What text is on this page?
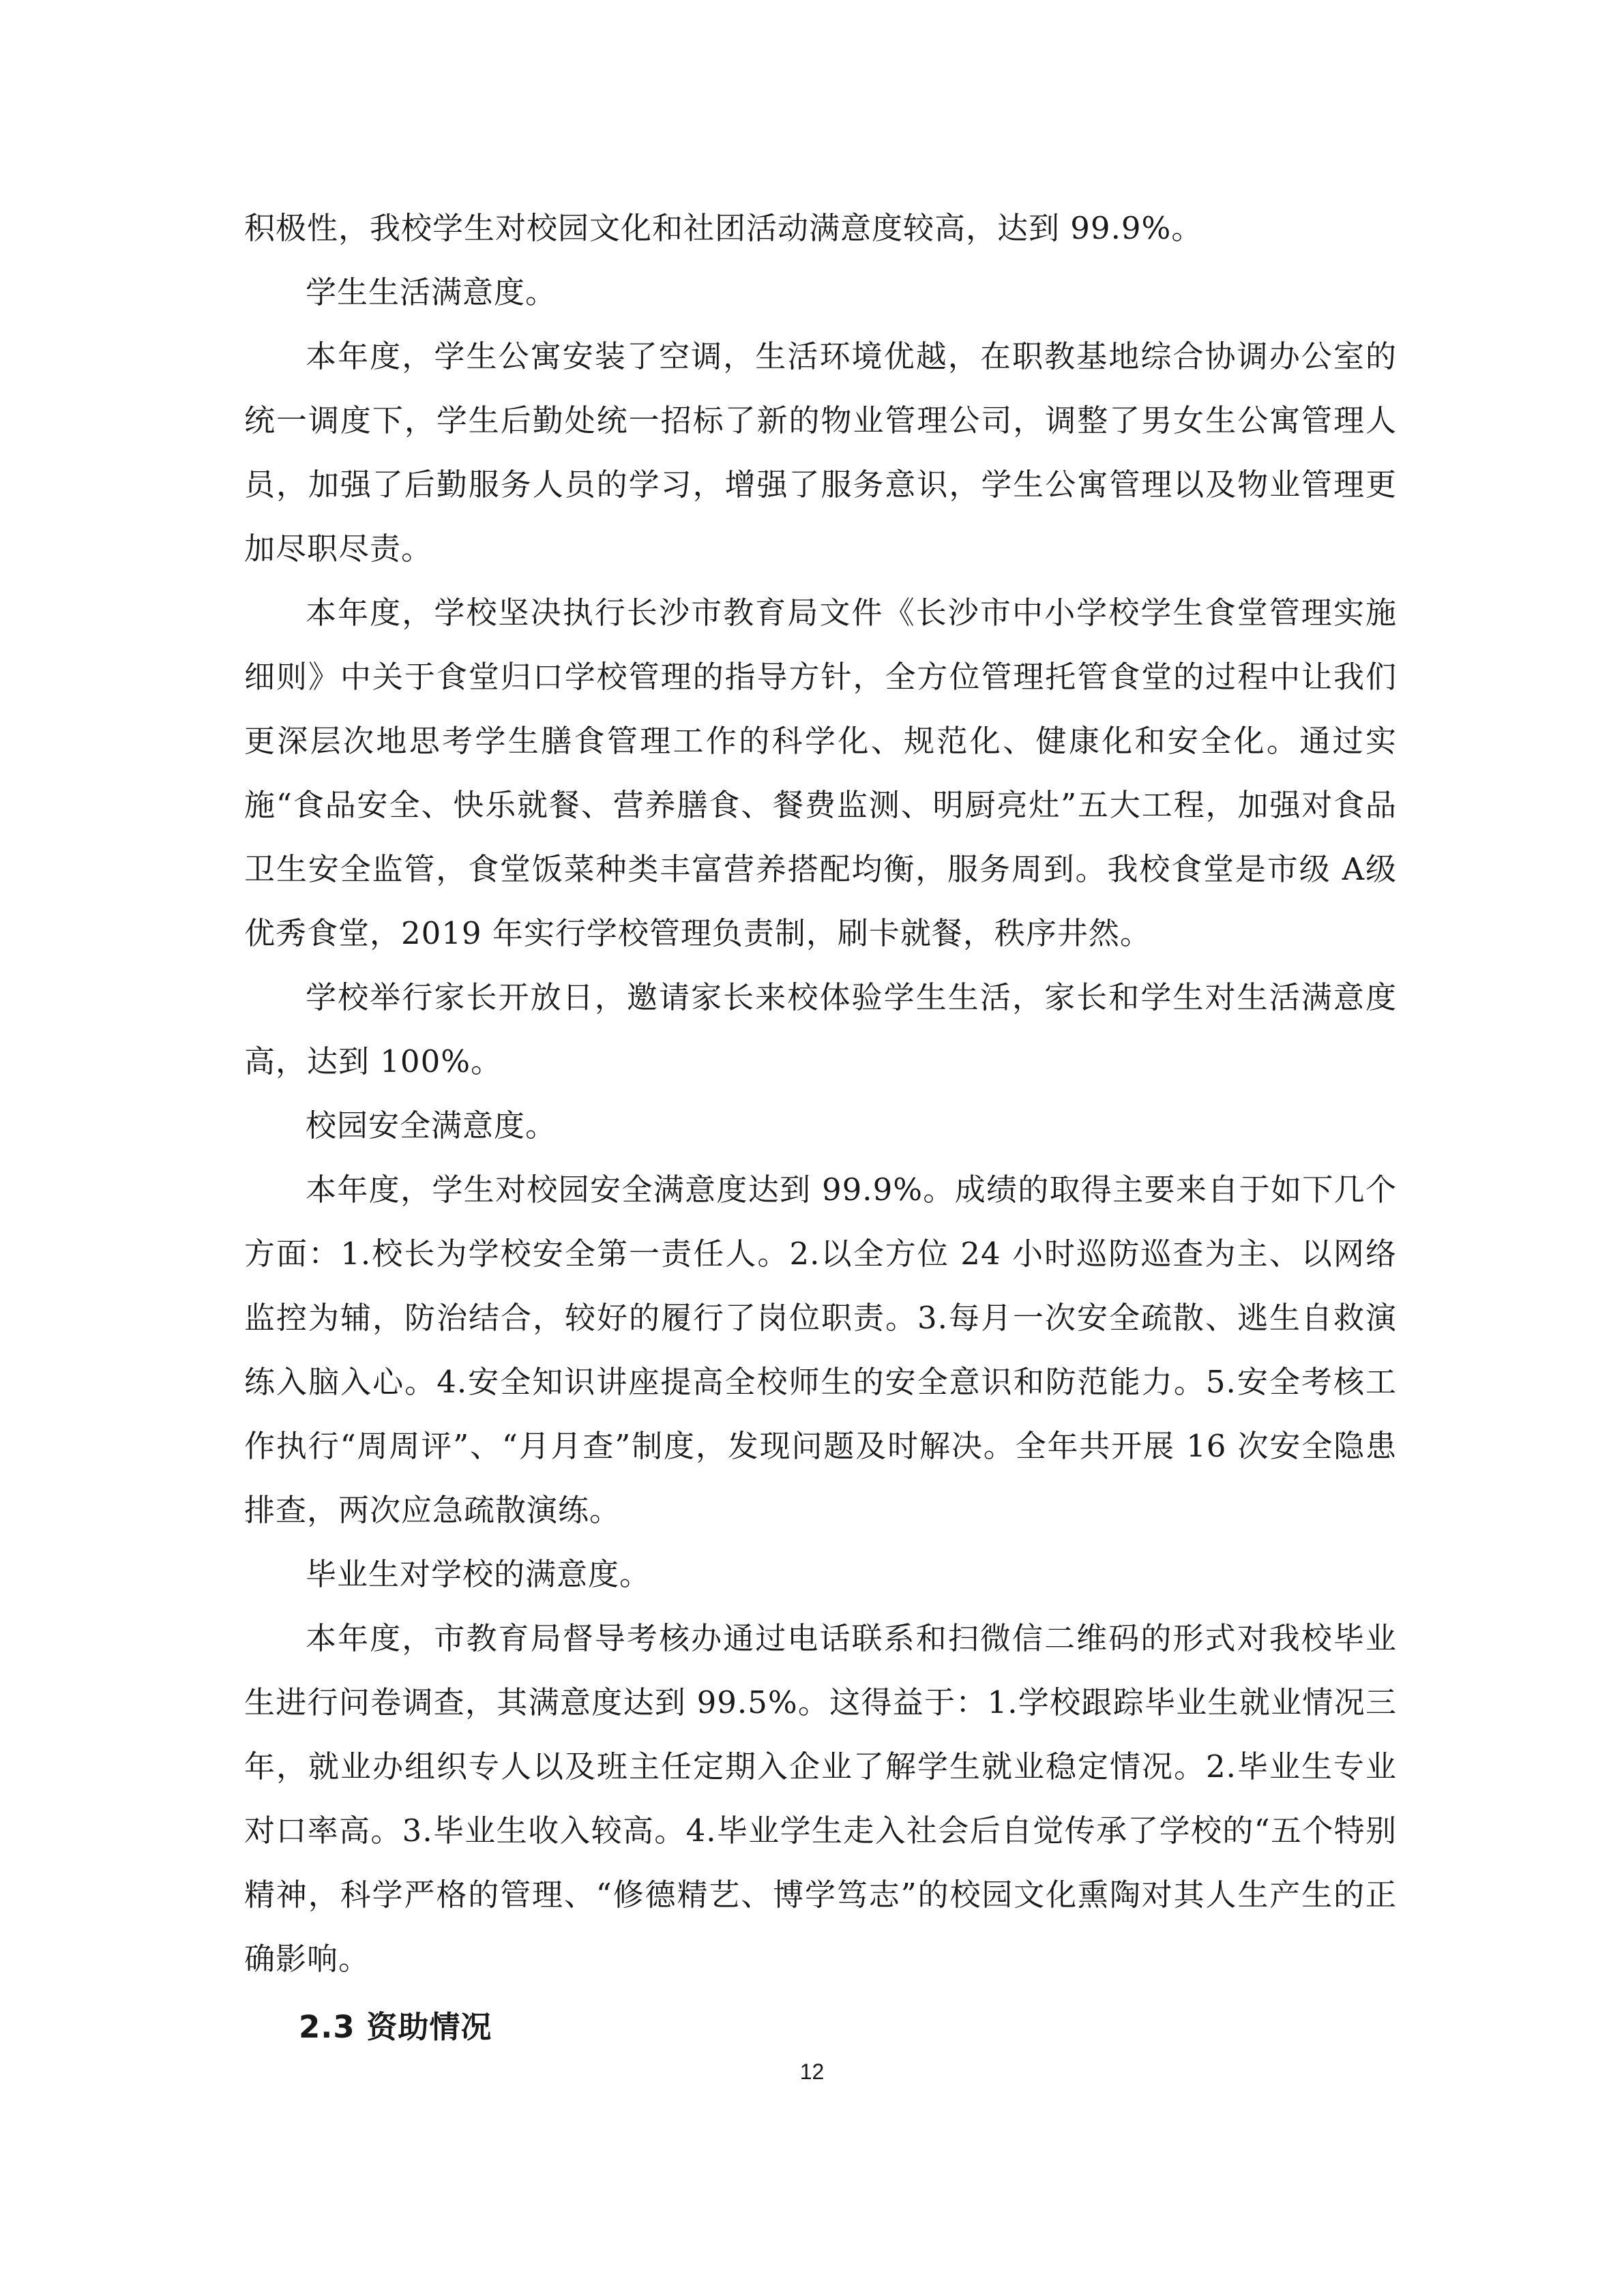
积极性，我校学生对校园文化和社团活动满意度较高，达到 99.9%。

学生生活满意度。

本年度，学生公寓安装了空调，生活环境优越，在职教基地综合协调办公室的统一调度下，学生后勤处统一招标了新的物业管理公司，调整了男女生公寓管理人员，加强了后勤服务人员的学习，增强了服务意识，学生公寓管理以及物业管理更加尽职尽责。

本年度，学校坚决执行长沙市教育局文件《长沙市中小学校学生食堂管理实施细则》中关于食堂归口学校管理的指导方针，全方位管理托管食堂的过程中让我们更深层次地思考学生膳食管理工作的科学化、规范化、健康化和安全化。通过实施“食品安全、快乐就餐、营养膳食、餐费监测、明厨亮灶”五大工程，加强对食品卫生安全监管，食堂饭菜种类丰富营养搭配均衡，服务周到。我校食堂是市级 A级优秀食堂，2019 年实行学校管理负责制，刷卡就餐，秩序井然。

学校举行家长开放日，邀请家长来校体验学生生活，家长和学生对生活满意度高，达到 100%。

校园安全满意度。

本年度，学生对校园安全满意度达到 99.9%。成绩的取得主要来自于如下几个方面：1.校长为学校安全第一责任人。2.以全方位 24 小时巡防巡查为主、以网络监控为辅，防治结合，较好的履行了岗位职责。3.每月一次安全疏散、逃生自救演练入脑入心。4.安全知识讲座提高全校师生的安全意识和防范能力。5.安全考核工作执行“周周评”、“月月查”制度，发现问题及时解决。全年共开展 16 次安全隐患排查，两次应急疏散演练。

毕业生对学校的满意度。

本年度，市教育局督导考核办通过电话联系和扫微信二维码的形式对我校毕业生进行问卷调查，其满意度达到 99.5%。这得益于：1.学校跟踪毕业生就业情况三年，就业办组织专人以及班主任定期入企业了解学生就业稳定情况。2.毕业生专业对口率高。3.毕业生收入较高。4.毕业学生走入社会后自觉传承了学校的“五个特别精神，科学严格的管理、“修德精艺、博学笃志”的校园文化熏陶对其人生产生的正确影响。

2.3 资助情况

12
